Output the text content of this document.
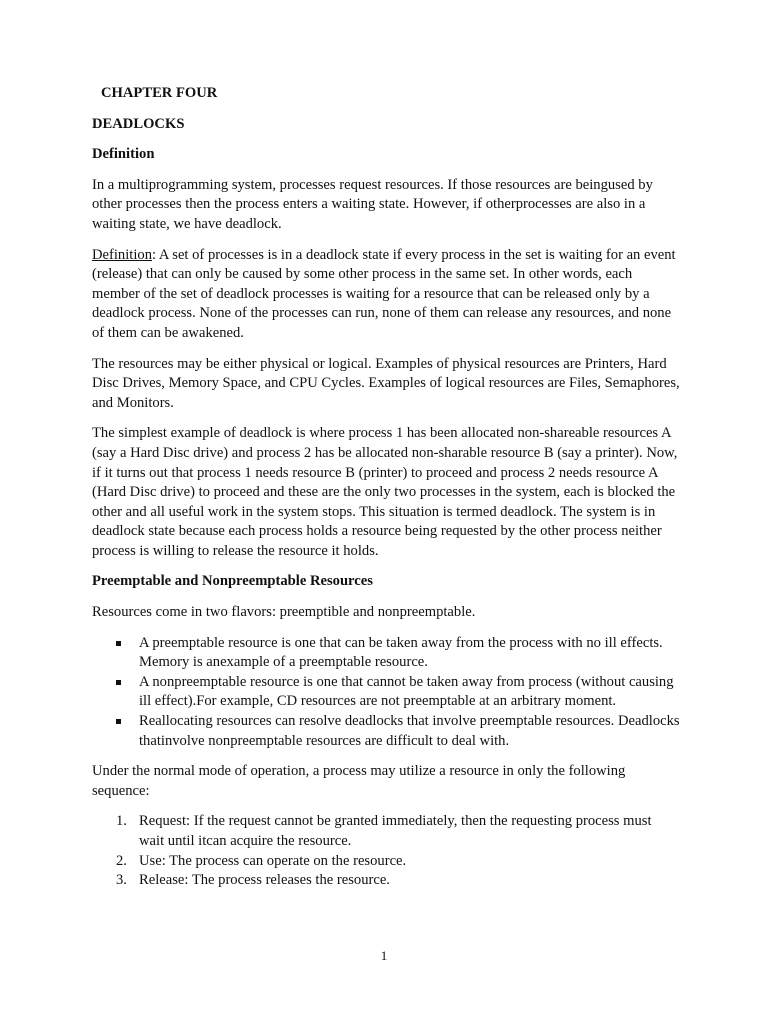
CHAPTER FOUR
DEADLOCKS
Definition

In a multiprogramming system, processes request resources. If those resources are beingused by other processes then the process enters a waiting state. However, if otherprocesses are also in a waiting state, we have deadlock.

Definition: A set of processes is in a deadlock state if every process in the set is waiting for an event (release) that can only be caused by some other process in the same set. In other words, each member of the set of deadlock processes is waiting for a resource that can be released only by a deadlock process. None of the processes can run, none of them can release any resources, and none of them can be awakened.

The resources may be either physical or logical. Examples of physical resources are Printers, Hard Disc Drives, Memory Space, and CPU Cycles. Examples of logical resources are Files, Semaphores, and Monitors.

The simplest example of deadlock is where process 1 has been allocated non-shareable resources A (say a Hard Disc drive) and process 2 has be allocated non-sharable resource B (say a printer). Now, if it turns out that process 1 needs resource B (printer) to proceed and process 2 needs resource A (Hard Disc drive) to proceed and these are the only two processes in the system, each is blocked the other and all useful work in the system stops. This situation is termed deadlock. The system is in deadlock state because each process holds a resource being requested by the other process neither process is willing to release the resource it holds.

Preemptable and Nonpreemptable Resources

Resources come in two flavors: preemptible and nonpreemptable.

A preemptable resource is one that can be taken away from the process with no ill effects. Memory is anexample of a preemptable resource.
A nonpreemptable resource is one that cannot be taken away from process (without causing ill effect).For example, CD resources are not preemptable at an arbitrary moment.
Reallocating resources can resolve deadlocks that involve preemptable resources. Deadlocks thatinvolve nonpreemptable resources are difficult to deal with.

Under the normal mode of operation, a process may utilize a resource in only the following sequence:

1. Request: If the request cannot be granted immediately, then the requesting process must wait until itcan acquire the resource.
2. Use: The process can operate on the resource.
3. Release: The process releases the resource.
1
